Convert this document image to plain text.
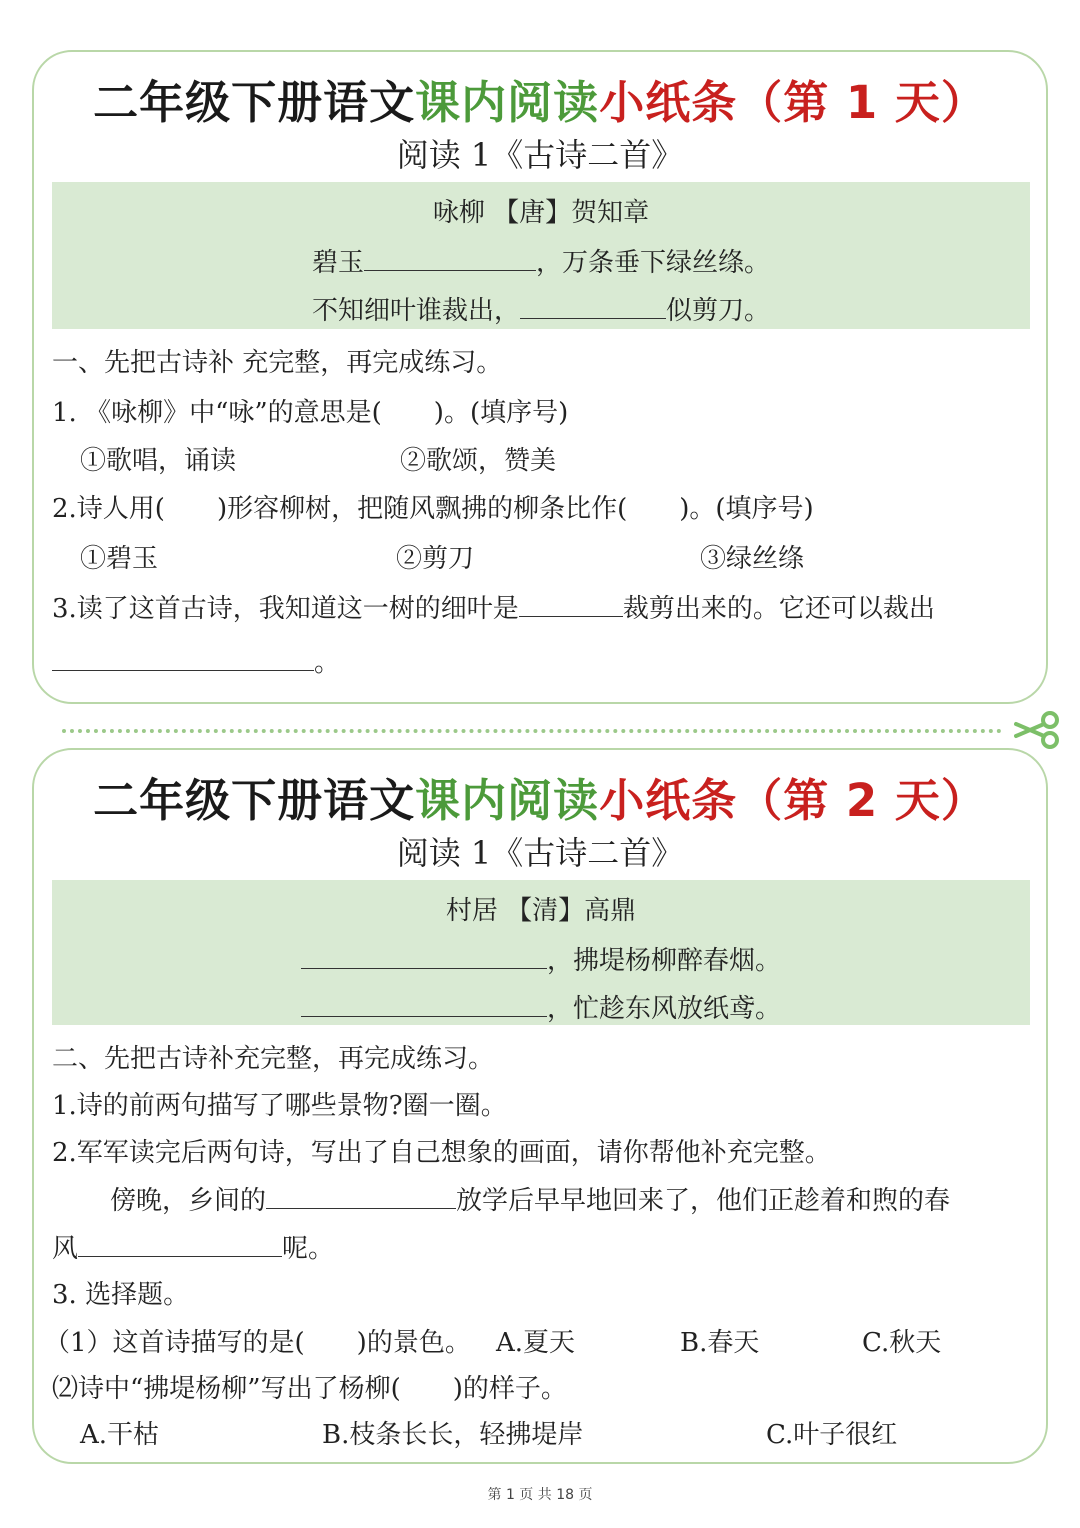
二年级下册语文课内阅读小纸条（第 1 天）
阅读 1《古诗二首》
咏柳 【唐】贺知章
碧玉	，万条垂下绿丝绦。
不知细叶谁裁出，	似剪刀。
一、先把古诗补 充完整，再完成练习。
1. 《咏柳》中“咏”的意思是(　　)。(填序号)
①歌唱，诵读	②歌颂，赞美
2.诗人用(　　)形容柳树，把随风飘拂的柳条比作(　　)。(填序号)
①碧玉	②剪刀	③绿丝绦
3.读了这首古诗，我知道这一树的细叶是	裁剪出来的。它还可以裁出
。
二年级下册语文课内阅读小纸条（第 2 天）
阅读 1《古诗二首》
村居 【清】高鼎
，拂堤杨柳醉春烟。
，忙趁东风放纸鸢。
二、先把古诗补充完整，再完成练习。
1.诗的前两句描写了哪些景物?圈一圈。
2.军军读完后两句诗，写出了自己想象的画面，请你帮他补充完整。
傍晚，乡间的	放学后早早地回来了，他们正趁着和煦的春
风	呢。
3. 选择题。
（1）这首诗描写的是(　　)的景色。 A.夏天	B.春天	C.秋天
⑵诗中“拂堤杨柳”写出了杨柳(　　)的样子。
A.干枯	B.枝条长长，轻拂堤岸	C.叶子很红
第 1 页 共 18 页
